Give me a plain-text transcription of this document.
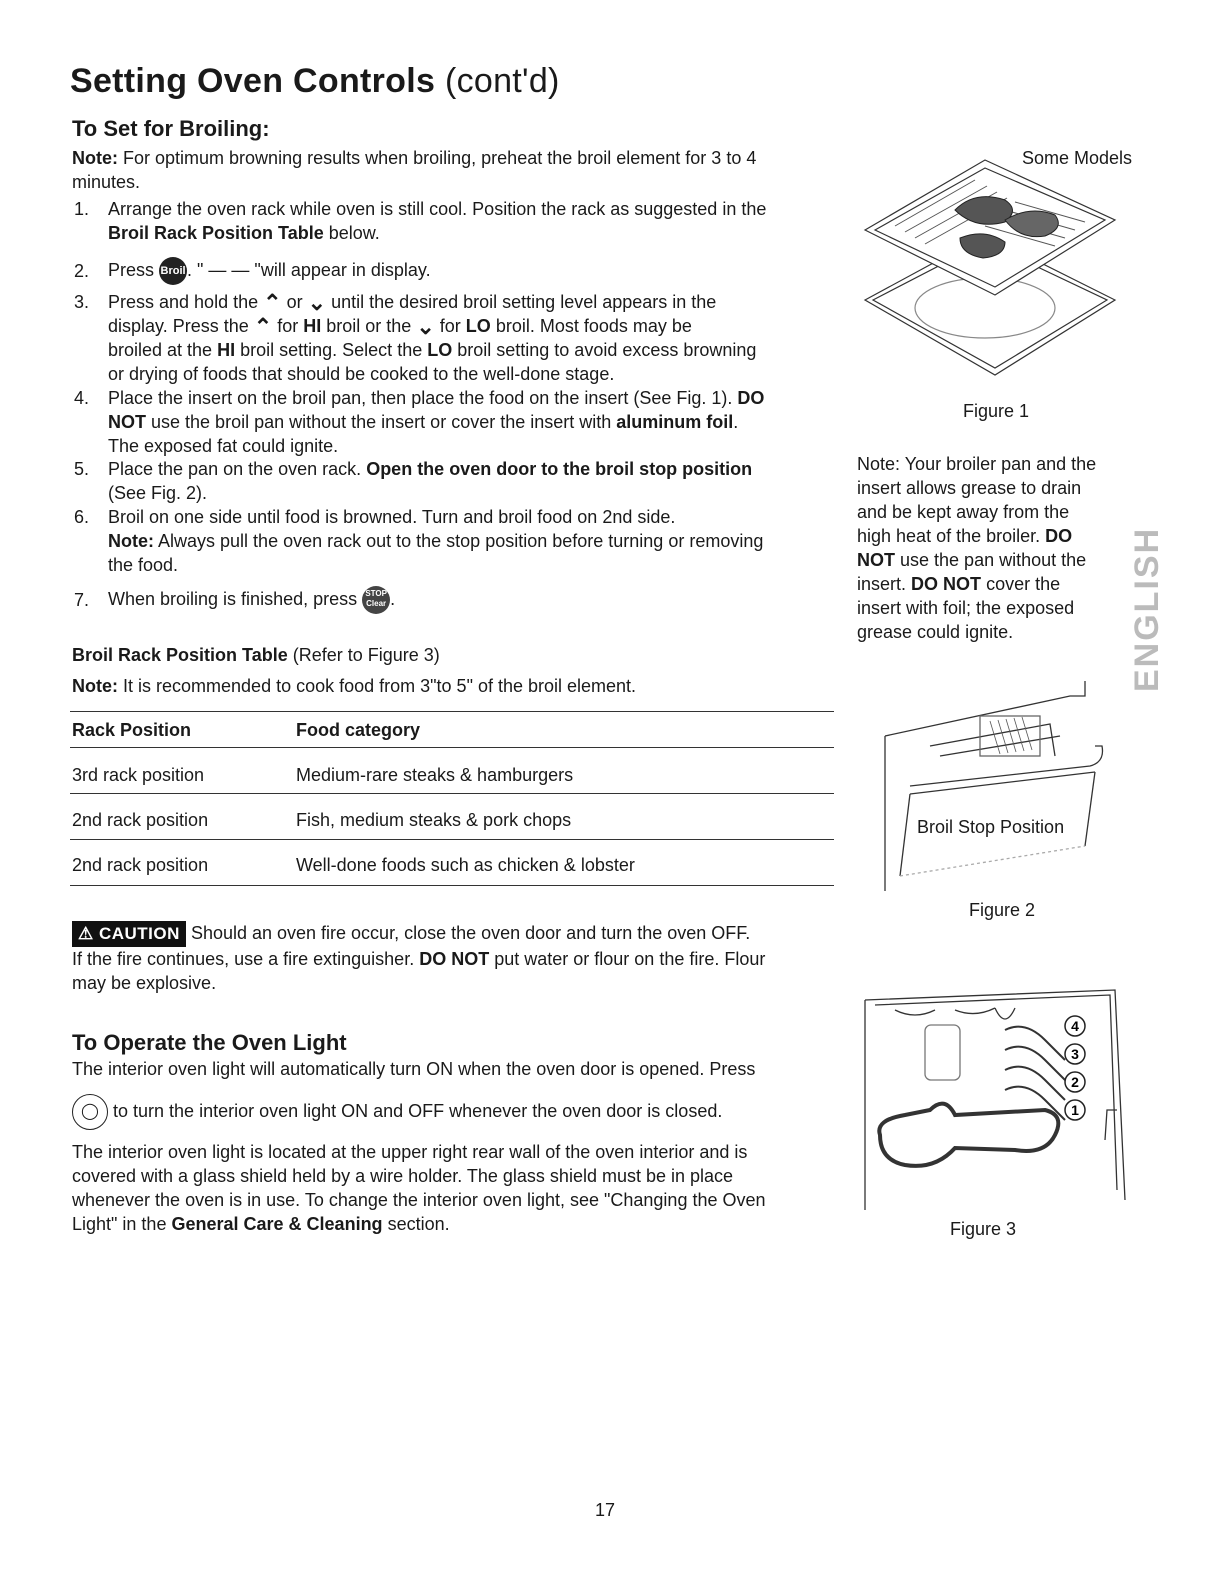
Setting Oven Controls (cont'd)
To Set for Broiling:
Note: For optimum browning results when broiling, preheat the broil element for 3 to 4
minutes.
1. Arrange the oven rack while oven is still cool. Position the rack as suggested in the
Broil Rack Position Table below.
2. Press Broil. " — — "will appear in display.
3. Press and hold the ⌃ or ⌄ until the desired broil setting level appears in the
display. Press the ⌃ for HI broil or the ⌄ for LO broil. Most foods may be
broiled at the HI broil setting. Select the LO broil setting to avoid excess browning
or drying of foods that should be cooked to the well-done stage.
4. Place the insert on the broil pan, then place the food on the insert (See Fig. 1). DO
NOT use the broil pan without the insert or cover the insert with aluminum foil.
The exposed fat could ignite.
5. Place the pan on the oven rack. Open the oven door to the broil stop position
(See Fig. 2).
6. Broil on one side until food is browned. Turn and broil food on 2nd side.
Note: Always pull the oven rack out to the stop position before turning or removing
the food.
7. When broiling is finished, press STOP
Clear .
Broil Rack Position Table (Refer to Figure 3)
Note: It is recommended to cook food from 3"to 5" of the broil element.
Rack Position	Food category
3rd rack position	Medium-rare steaks & hamburgers
2nd rack position	Fish, medium steaks & pork chops
2nd rack position	Well-done foods such as chicken & lobster
⚠ CAUTION Should an oven fire occur, close the oven door and turn the oven OFF.
If the fire continues, use a fire extinguisher. DO NOT put water or flour on the fire. Flour
may be explosive.
To Operate the Oven Light
The interior oven light will automatically turn ON when the oven door is opened. Press
◯ to turn the interior oven light ON and OFF whenever the oven door is closed.
The interior oven light is located at the upper right rear wall of the oven interior and is
covered with a glass shield held by a wire holder. The glass shield must be in place
whenever the oven is in use. To change the interior oven light, see "Changing the Oven
Light" in the General Care & Cleaning section.
Some Models
Figure 1
Note: Your broiler pan and the
insert allows grease to drain
and be kept away from the
high heat of the broiler. DO
NOT use the pan without the
insert. DO NOT cover the
insert with foil; the exposed
grease could ignite.	ENGLISH
Broil Stop Position
Figure 2
4
3
2
1
Figure 3
17
